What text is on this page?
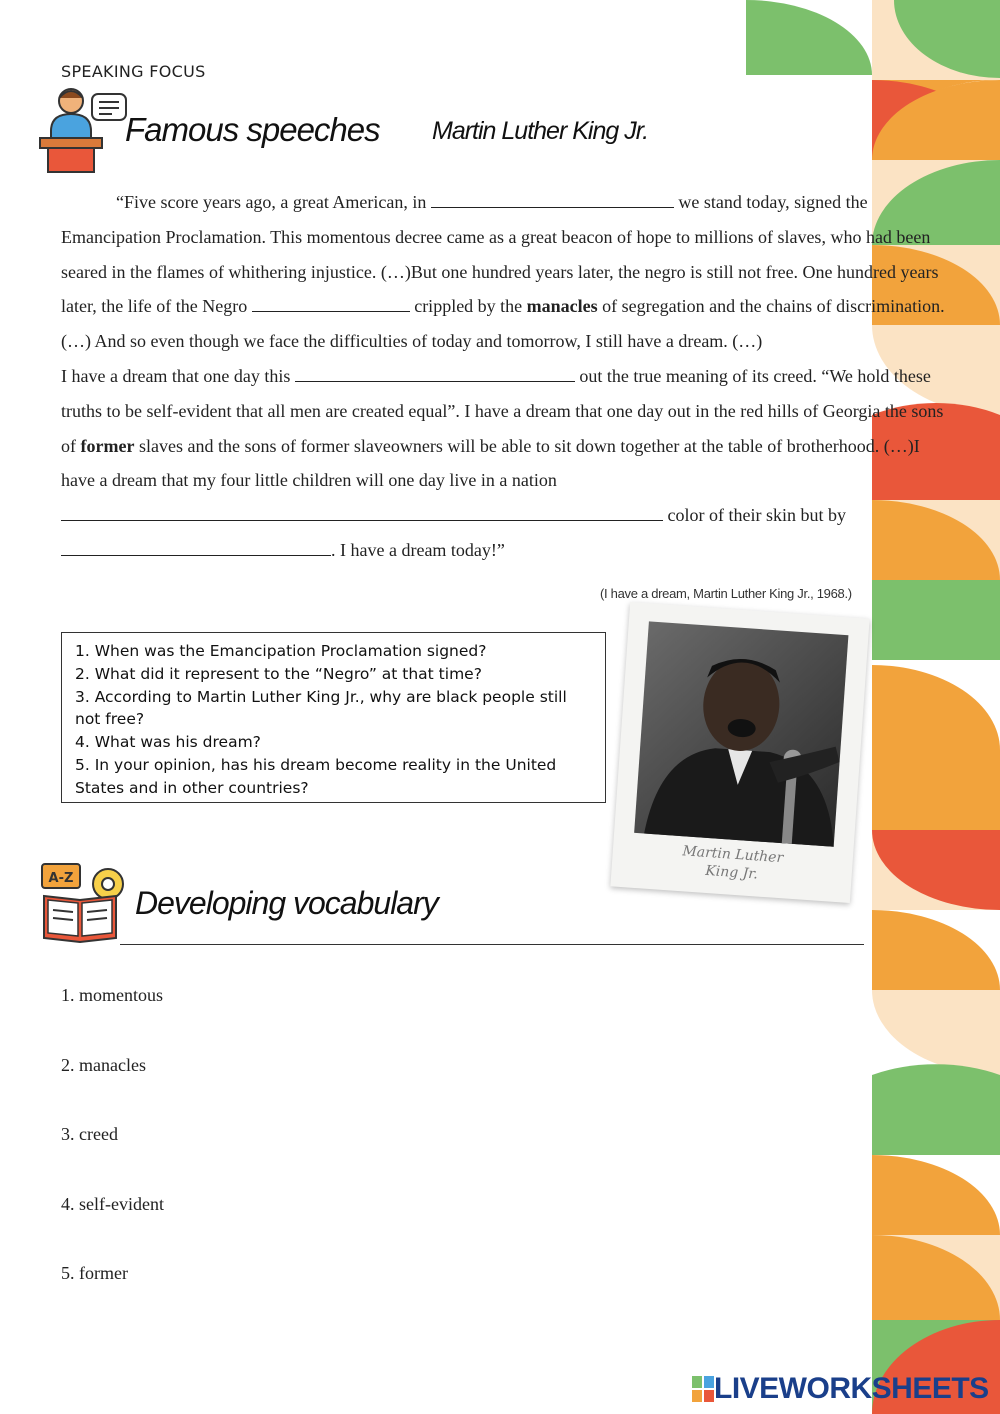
SPEAKING FOCUS
Famous speeches Martin Luther King Jr.

“Five score years ago, a great American, in	we stand today, signed the Emancipation Proclamation. This momentous decree came as a great beacon of hope to millions of slaves, who had been seared in the flames of whithering injustice. (…)But one hundred years later, the negro is still not free. One hundred years later, the life of the Negro	crippled by the manacles of segregation and the chains of discrimination. (…) And so even though we face the difficulties of today and tomorrow, I still have a dream. (…)

I have a dream that one day this	out the true meaning of its creed. “We hold these truths to be self-evident that all men are created equal”. I have a dream that one day out in the red hills of Georgia the sons of former slaves and the sons of former slaveowners will be able to sit down together at the table of brotherhood. (…)I have a dream that my four little children will one day live in a nation  color of their skin but by . I have a dream today!”

(I have a dream, Martin Luther King Jr., 1968.)
1. When was the Emancipation Proclamation signed?
2. What did it represent to the “Negro” at that time?
3. According to Martin Luther King Jr., why are black people still not free?
4. What was his dream?
5. In your opinion, has his dream become reality in the United States and in other countries?
Martin Luther
King Jr.
A-Z
Developing vocabulary
1. momentous
2. manacles
3. creed
4. self-evident
5. former
LIVEWORKSHEETS
